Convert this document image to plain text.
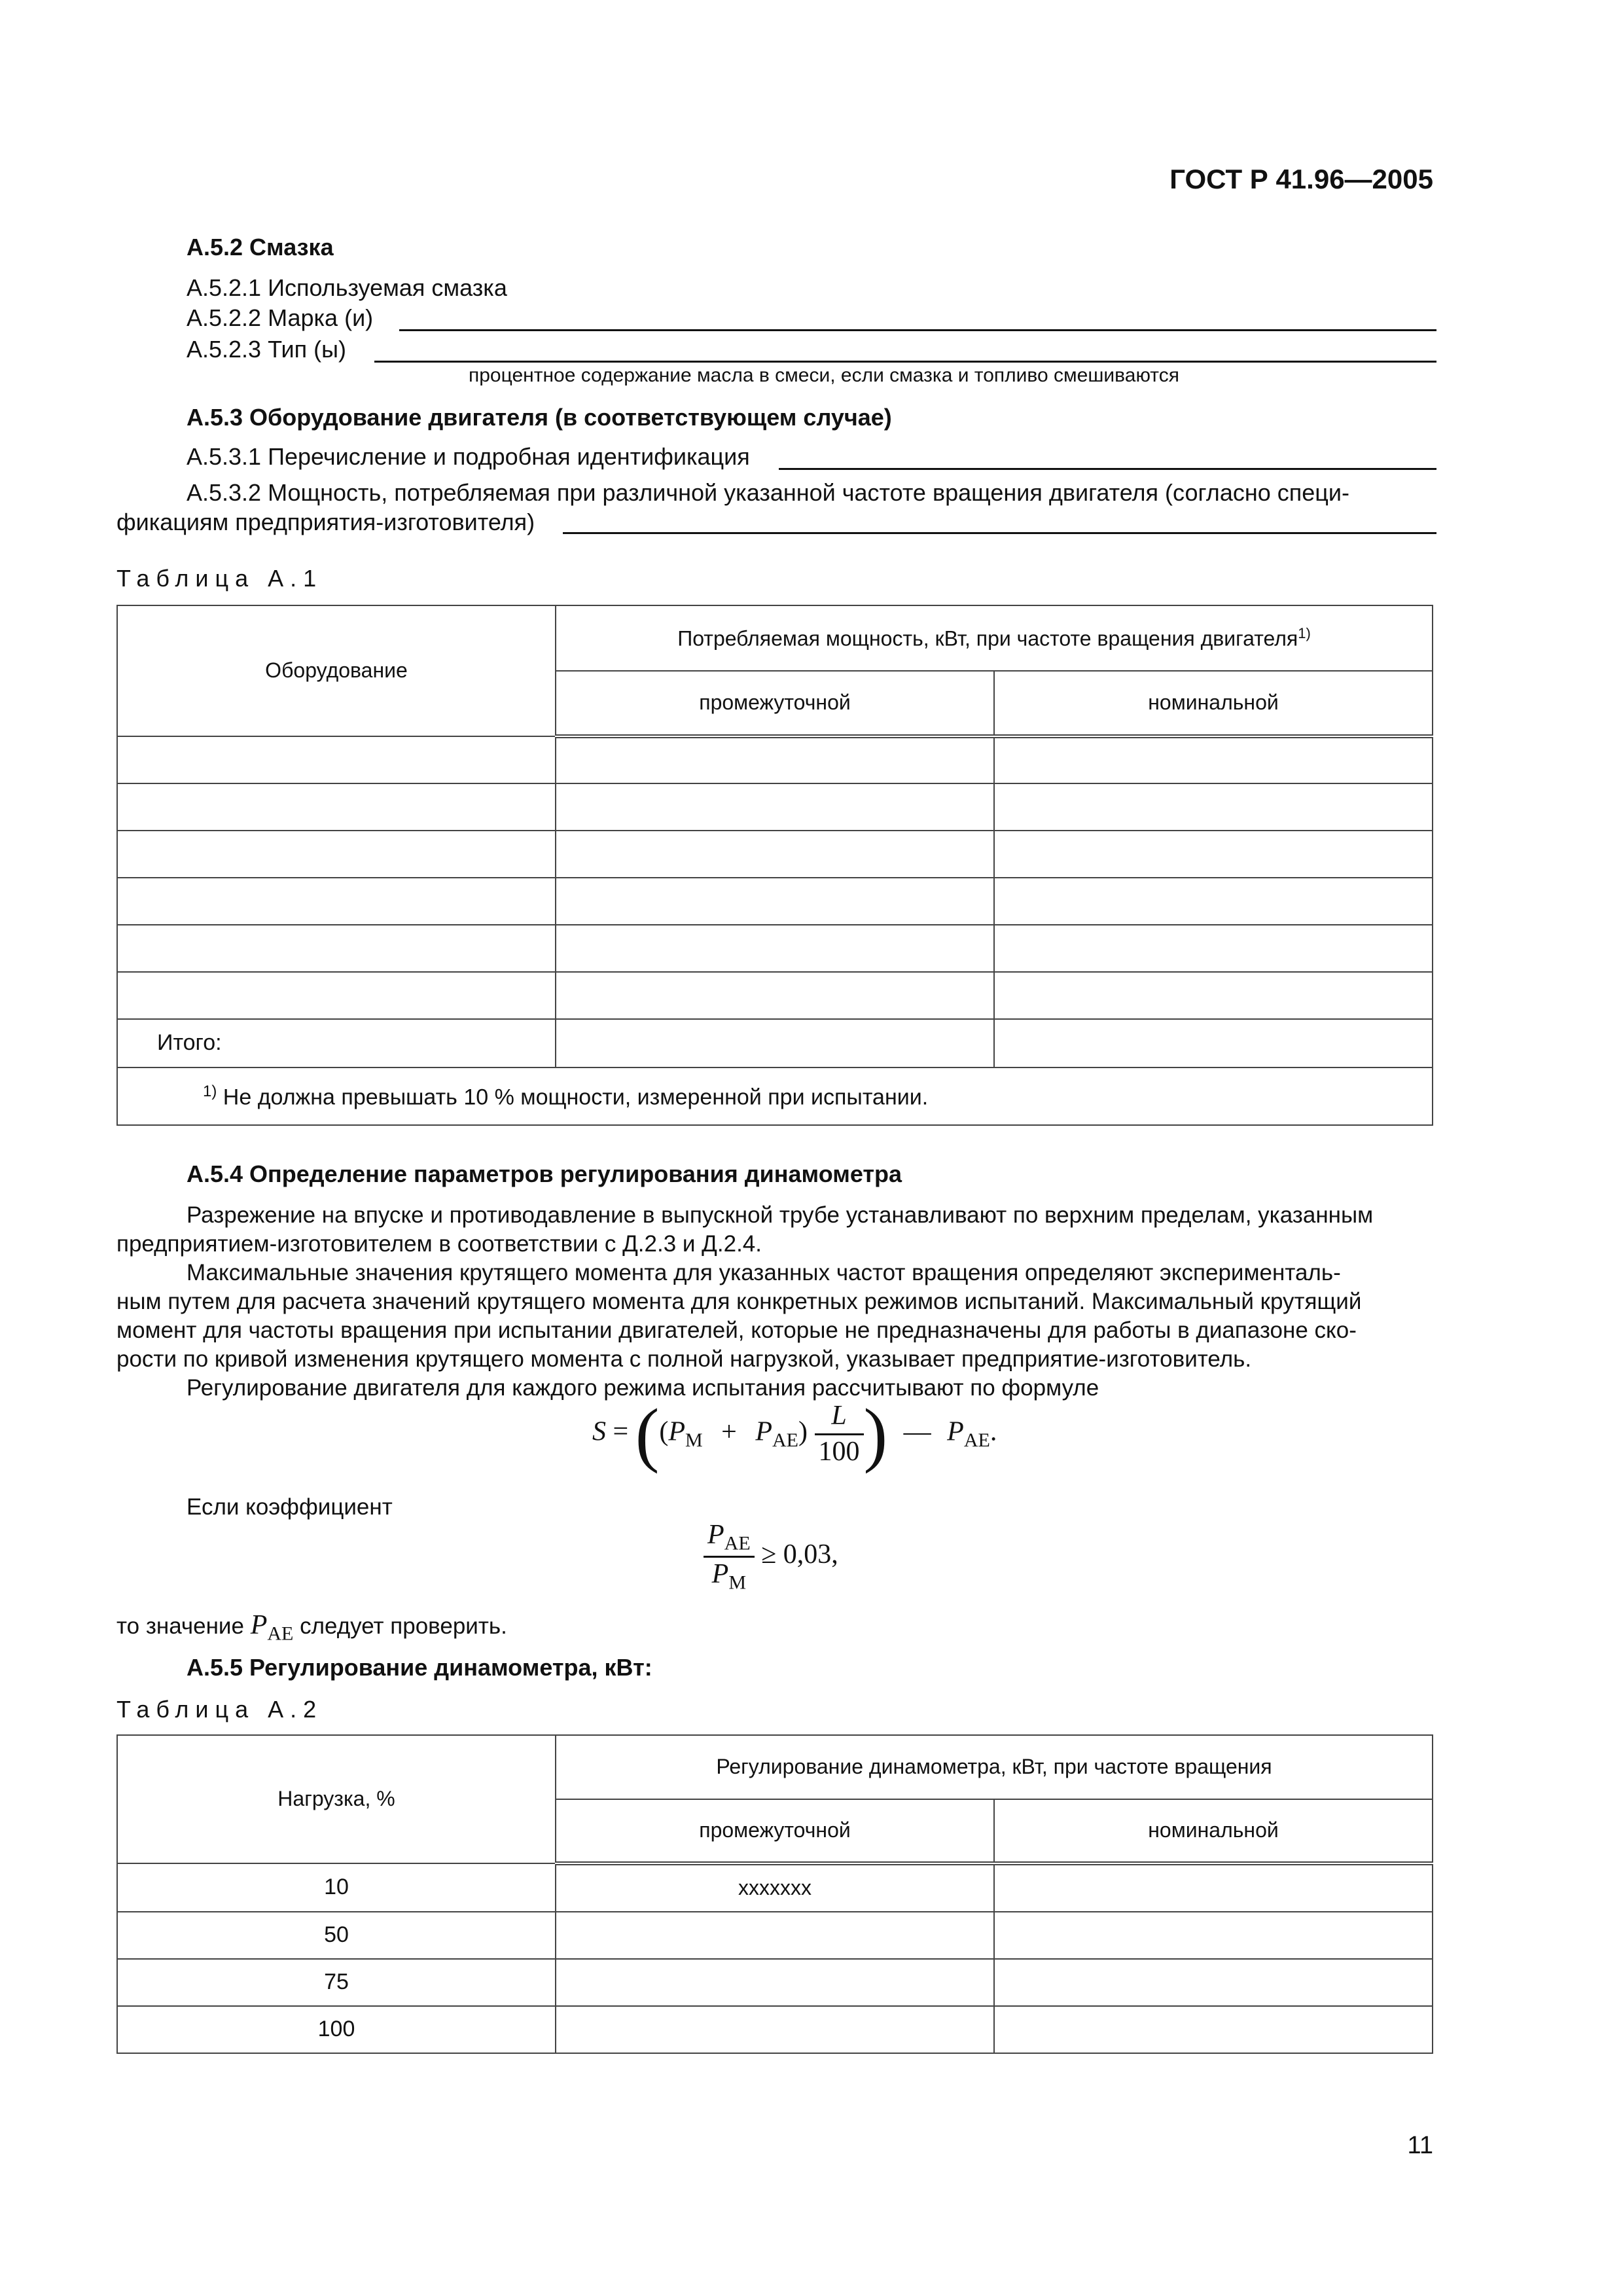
ГОСТ Р 41.96—2005
А.5.2 Смазка
А.5.2.1 Используемая смазка
А.5.2.2 Марка (и)
А.5.2.3 Тип (ы)
процентное содержание масла в смеси, если смазка и топливо смешиваются
А.5.3 Оборудование двигателя (в соответствующем случае)
А.5.3.1 Перечисление и подробная идентификация
А.5.3.2 Мощность, потребляемая при различной указанной частоте вращения двигателя (согласно специ-
фикациям предприятия-изготовителя)
Таблица А.1
Оборудование	Потребляемая мощность, кВт, при частоте вращения двигателя$^{1)}$
	промежуточной	номинальной

Итого:		
$^{1)}$ Не должна превышать 10 % мощности, измеренной при испытании.		
А.5.4 Определение параметров регулирования динамометра
Разрежение на впуске и противодавление в выпускной трубе устанавливают по верхним пределам, указанным
предприятием-изготовителем в соответствии с Д.2.3 и Д.2.4.
Максимальные значения крутящего момента для указанных частот вращения определяют эксперименталь-
ным путем для расчета значений крутящего момента для конкретных режимов испытаний. Максимальный крутящий
момент для частоты вращения при испытании двигателей, которые не предназначены для работы в диапазоне ско-
рости по кривой изменения крутящего момента с полной нагрузкой, указывает предприятие-изготовитель.
Регулирование двигателя для каждого режима испытания рассчитывают по формуле
$S = ((P_M + P_{AE}) \frac{L}{100}$ ) — $P_{AE}$.
Если коэффициент
$\frac{P_{AE}}{P_M} \ge 0,03$,
то значение $P_{AE}$ следует проверить.
А.5.5 Регулирование динамометра, кВт:
Таблица А.2
Нагрузка, %	Регулирование динамометра, кВт, при частоте вращения	
	промежуточной	номинальной
10	ххххххх	
50		
75		
100		
11
